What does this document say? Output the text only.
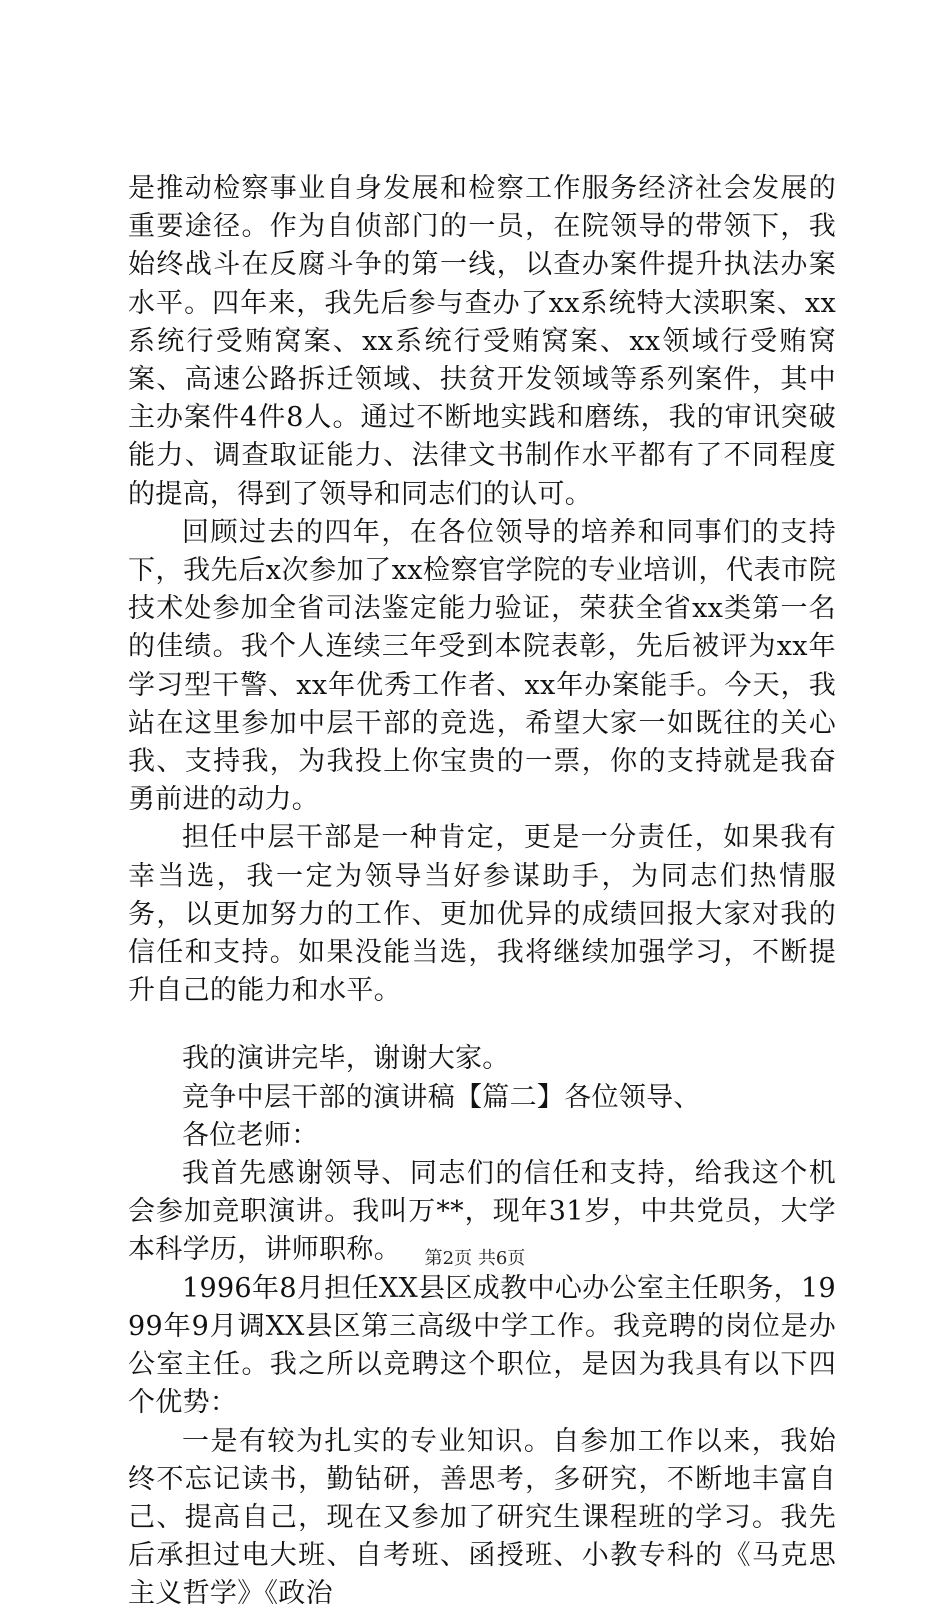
是推动检察事业自身发展和检察工作服务经济社会发展的重要途径。作为自侦部门的一员，在院领导的带领下，我始终战斗在反腐斗争的第一线，以查办案件提升执法办案水平。四年来，我先后参与查办了xx系统特大渎职案、xx系统行受贿窝案、xx系统行受贿窝案、xx领域行受贿窝案、高速公路拆迁领域、扶贫开发领域等系列案件，其中主办案件4件8人。通过不断地实践和磨练，我的审讯突破能力、调查取证能力、法律文书制作水平都有了不同程度的提高，得到了领导和同志们的认可。

回顾过去的四年，在各位领导的培养和同事们的支持下，我先后x次参加了xx检察官学院的专业培训，代表市院技术处参加全省司法鉴定能力验证，荣获全省xx类第一名的佳绩。我个人连续三年受到本院表彰，先后被评为xx年学习型干警、xx年优秀工作者、xx年办案能手。今天，我站在这里参加中层干部的竞选，希望大家一如既往的关心我、支持我，为我投上你宝贵的一票，你的支持就是我奋勇前进的动力。

担任中层干部是一种肯定，更是一分责任，如果我有幸当选，我一定为领导当好参谋助手，为同志们热情服务，以更加努力的工作、更加优异的成绩回报大家对我的信任和支持。如果没能当选，我将继续加强学习，不断提升自己的能力和水平。

我的演讲完毕，谢谢大家。

竞争中层干部的演讲稿【篇二】各位领导、

各位老师：

我首先感谢领导、同志们的信任和支持，给我这个机会参加竞职演讲。我叫万**，现年31岁，中共党员，大学本科学历，讲师职称。

1996年8月担任XX县区成教中心办公室主任职务，1999年9月调XX县区第三高级中学工作。我竞聘的岗位是办公室主任。我之所以竞聘这个职位，是因为我具有以下四个优势：

一是有较为扎实的专业知识。自参加工作以来，我始终不忘记读书，勤钻研，善思考，多研究，不断地丰富自己、提高自己，现在又参加了研究生课程班的学习。我先后承担过电大班、自考班、函授班、小教专科的《马克思主义哲学》《政治

第2页 共6页
